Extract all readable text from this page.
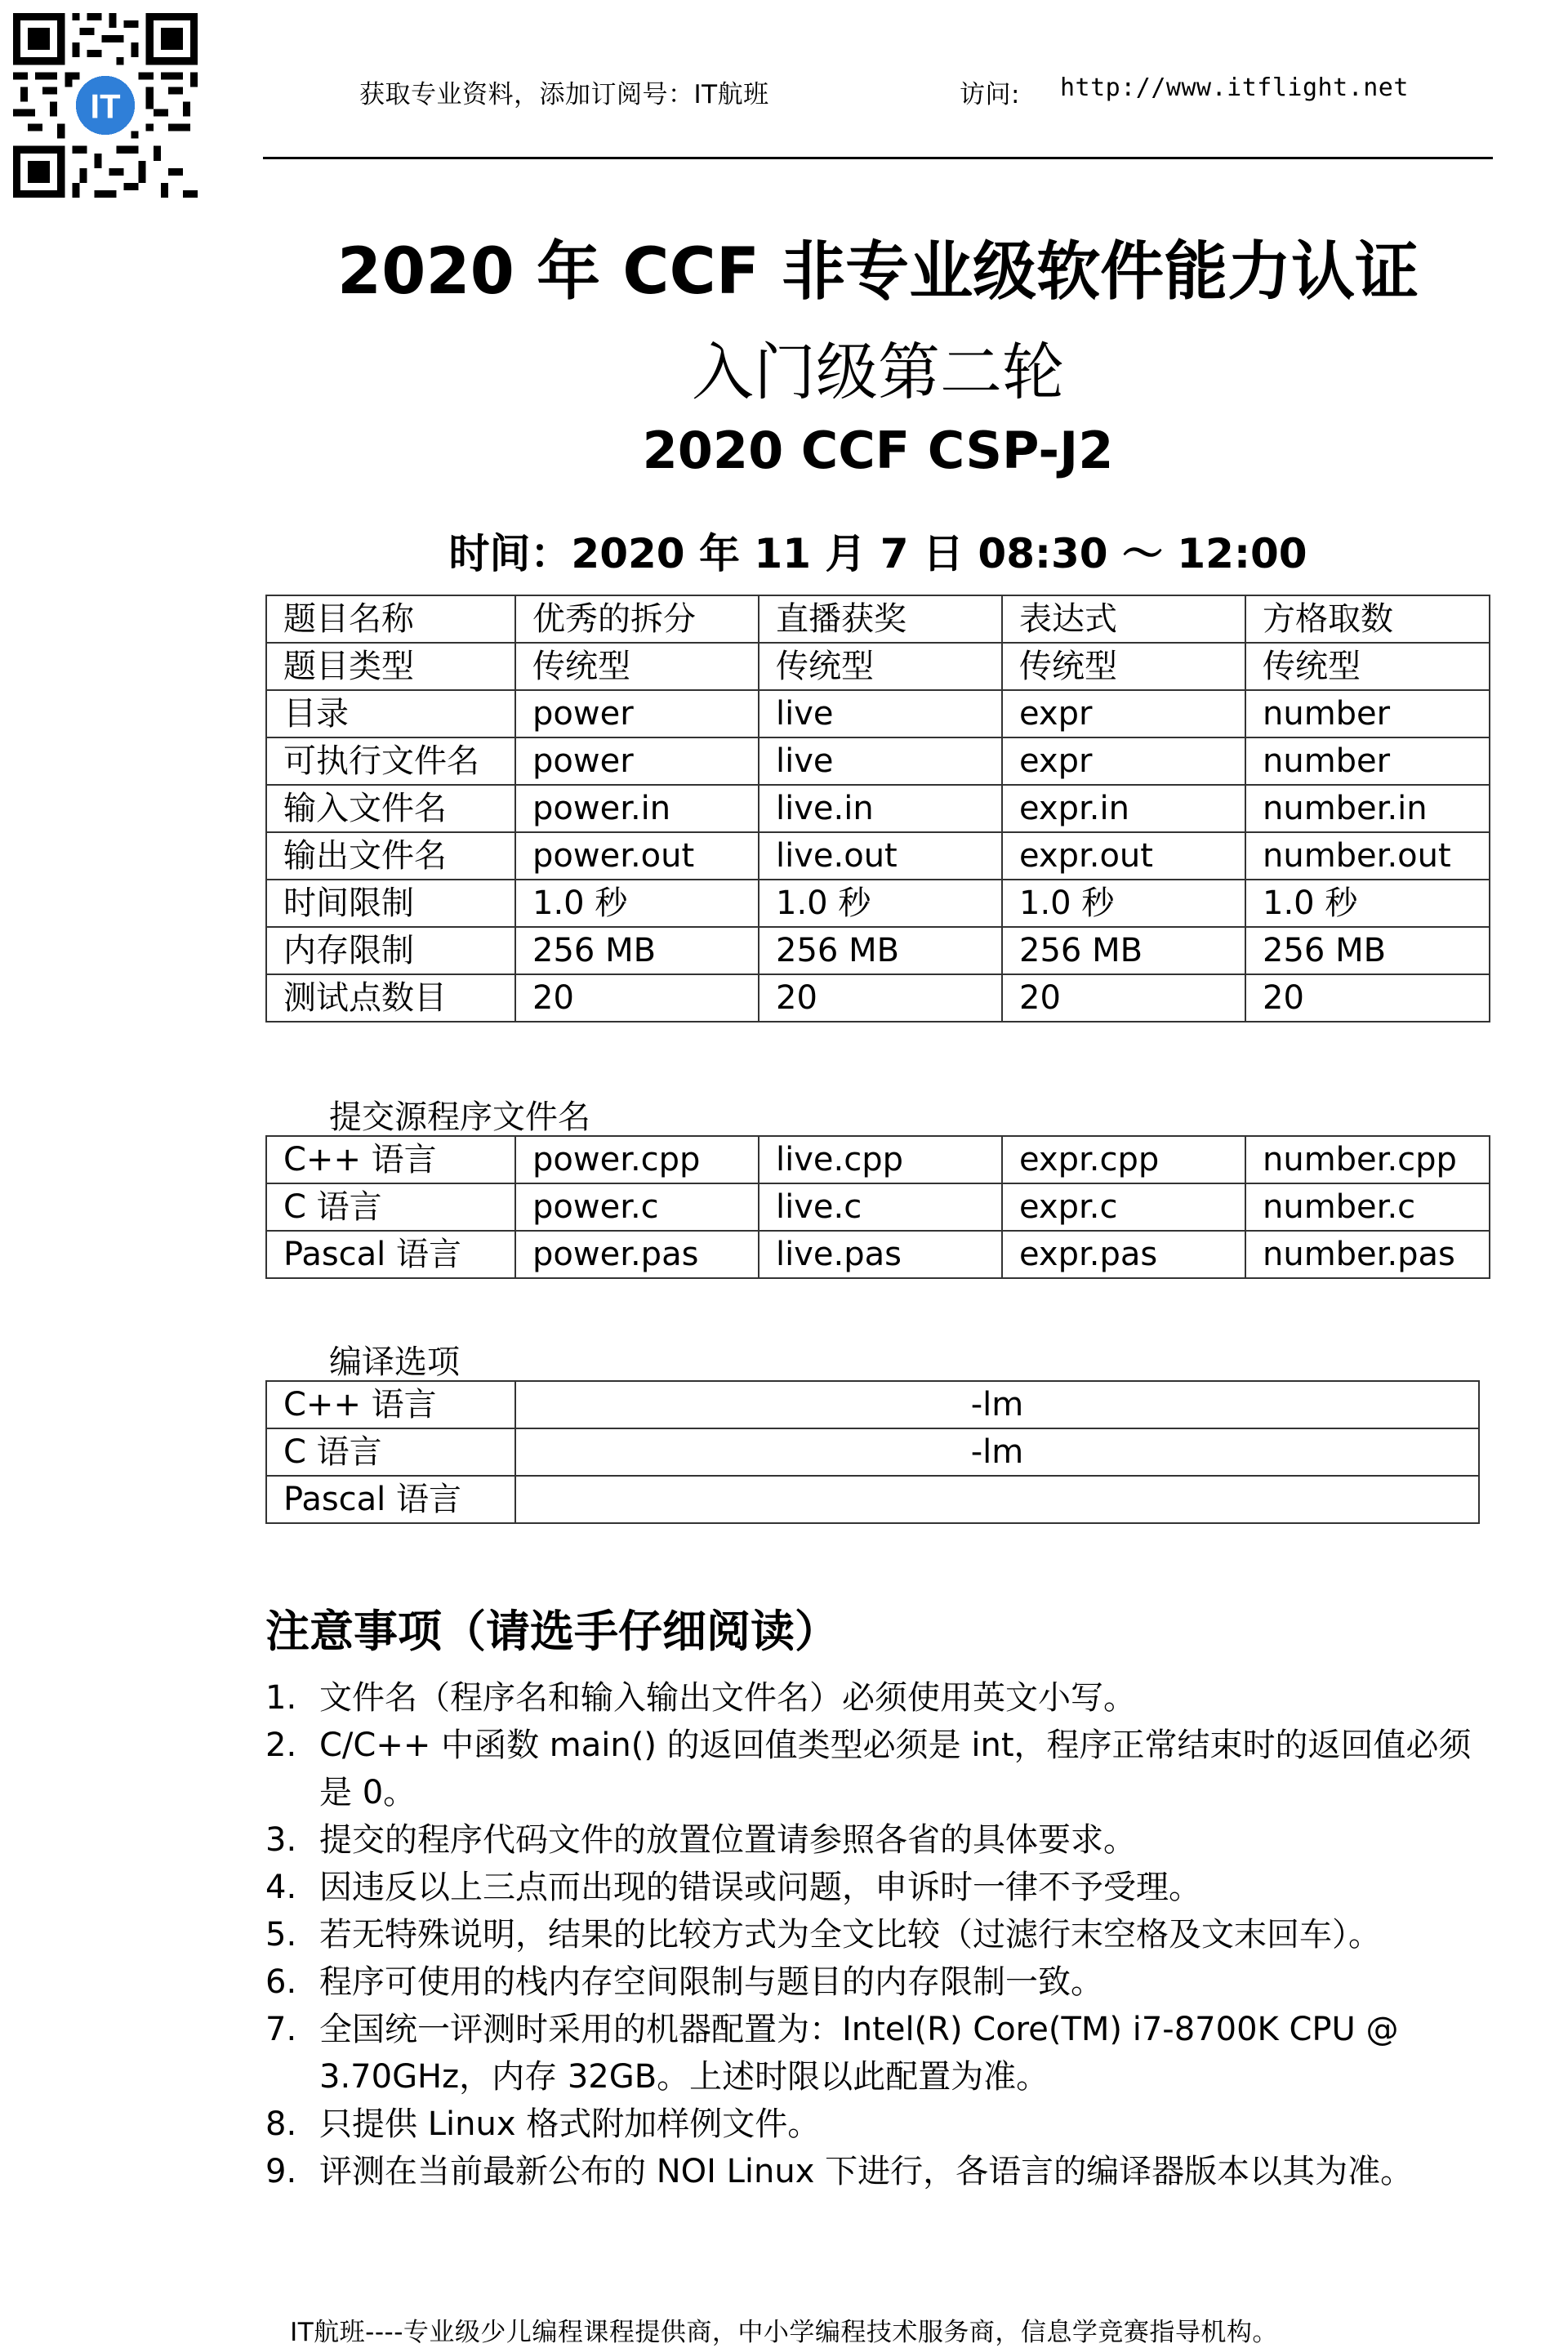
IT	获取专业资料，添加订阅号：IT航班	访问: http://www.itflight.net
2020 年 CCF 非专业级软件能力认证
入门级第二轮
2020 CCF CSP-J2
时间：2020 年 11 月 7 日 08:30 ～ 12:00
题目名称	优秀的拆分	直播获奖	表达式	方格取数
题目类型	传统型	传统型	传统型	传统型
目录	power	live	expr	number
可执行文件名	power	live	expr	number
输入文件名	power.in	live.in	expr.in	number.in
输出文件名	power.out	live.out	expr.out	number.out
时间限制	1.0 秒	1.0 秒	1.0 秒	1.0 秒
内存限制	256 MB	256 MB	256 MB	256 MB
测试点数目	20	20	20	20
提交源程序文件名
C++ 语言	power.cpp	live.cpp	expr.cpp	number.cpp
C 语言	power.c	live.c	expr.c	number.c
Pascal 语言	power.pas	live.pas	expr.pas	number.pas
编译选项
C++ 语言	-lm
C 语言	-lm
Pascal 语言	
注意事项（请选手仔细阅读）
1. 文件名（程序名和输入输出文件名）必须使用英文小写。
2. C/C++ 中函数 main() 的返回值类型必须是 int，程序正常结束时的返回值必须是 0。
3. 提交的程序代码文件的放置位置请参照各省的具体要求。
4. 因违反以上三点而出现的错误或问题，申诉时一律不予受理。
5. 若无特殊说明，结果的比较方式为全文比较（过滤行末空格及文末回车）。
6. 程序可使用的栈内存空间限制与题目的内存限制一致。
7. 全国统一评测时采用的机器配置为：Intel(R) Core(TM) i7-8700K CPU @ 3.70GHz，内存 32GB。上述时限以此配置为准。
8. 只提供 Linux 格式附加样例文件。
9. 评测在当前最新公布的 NOI Linux 下进行，各语言的编译器版本以其为准。
IT航班----专业级少儿编程课程提供商，中小学编程技术服务商，信息学竞赛指导机构。
